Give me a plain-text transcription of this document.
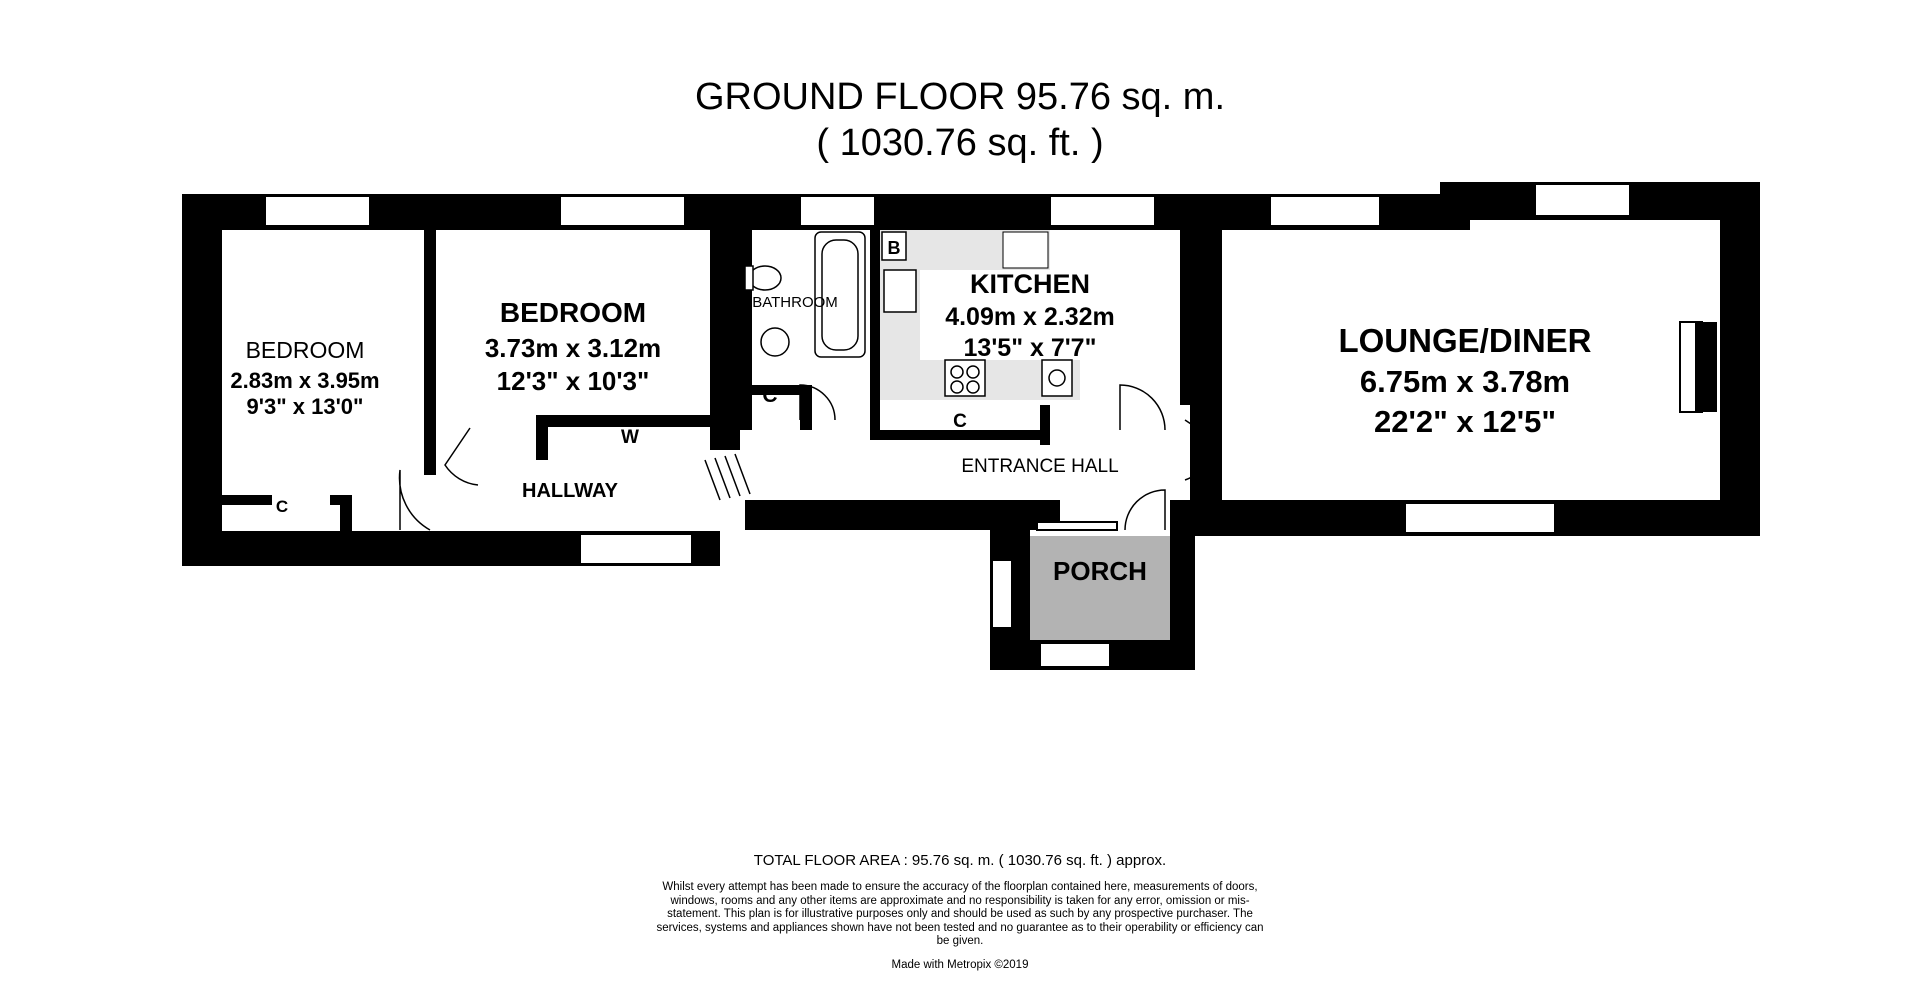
GROUND FLOOR 95.76 sq. m.
( 1030.76 sq. ft. )
BEDROOM
2.83m x 3.95m
9'3" x 13'0"
BEDROOM
3.73m x 3.12m
12'3" x 10'3"
BATHROOM
KITCHEN
4.09m x 2.32m
13'5" x 7'7"	LOUNGE/DINER
6.75m x 3.78m
22'2" x 12'5"
HALLWAY
ENTRANCE HALL
PORCH
C
C
C
W
B
TOTAL FLOOR AREA : 95.76 sq. m. ( 1030.76 sq. ft. ) approx.
Whilst every attempt has been made to ensure the accuracy of the floorplan contained here, measurements of doors, windows, rooms and any other items are approximate and no responsibility is taken for any error, omission or mis-statement. This plan is for illustrative purposes only and should be used as such by any prospective purchaser. The services, systems and appliances shown have not been tested and no guarantee as to their operability or efficiency can be given.
Made with Metropix ©2019
